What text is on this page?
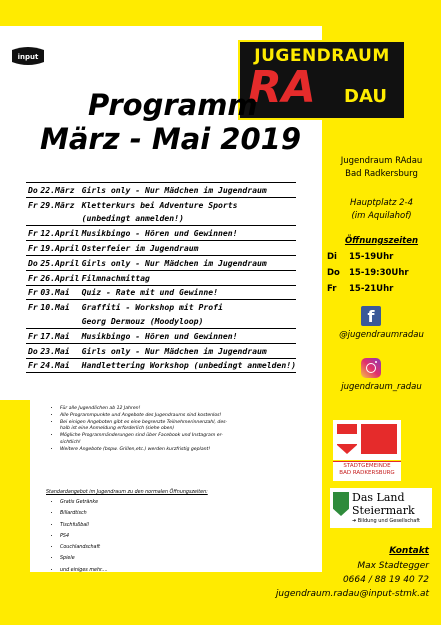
input	JUGENDRAUM
RA DAU
Programm
März - Mai 2019
Do	22.März	Girls only - Nur Mädchen im Jugendraum
Fr	29.März	Kletterkurs bei Adventure Sports
		(unbedingt anmelden!)
Fr	12.April	Musikbingo - Hören und Gewinnen!
Fr	19.April	Osterfeier im Jugendraum
Do	25.April	Girls only - Nur Mädchen im Jugendraum
Fr	26.April	Filmnachmittag
Fr	03.Mai	Quiz - Rate mit und Gewinne!
Fr	10.Mai	Graffiti - Workshop mit Profi
		Georg Dermouz (Moodyloop)
Fr	17.Mai	Musikbingo - Hören und Gewinnen!
Do	23.Mai	Girls only - Nur Mädchen im Jugendraum
Fr	24.Mai	Handlettering Workshop (unbedingt anmelden!)
Jugendraum RAdau
Bad Radkersburg
Hauptplatz 2-4
(im Aquilahof)
Öffnungszeiten
Di 15-19Uhr
Do 15-19:30Uhr
Fr 15-21Uhr
f
@jugendraumradau
jugendraum_radau
STADTGEMEINDE
BAD RADKERSBURG
Das Land
Steiermark
➜ Bildung und Gesellschaft
• Für alle Jugendlichen ab 12 Jahren!
• Alle Programmpunkte und Angebote des Jugendraums sind kostenlos!
• Bei einigen Angeboten gibt es eine begrenzte Teilnehmerinnenzahl, des-
halb ist eine Anmeldung erforderlich (siehe oben)
• Mögliche Programmänderungen sind über Facebook und Instagram er-
sichtlich!
• Weitere Angebote (bspw. Grillen,etc.) werden kurzfristig geplant!
Standardangebot im Jugendraum zu den normalen Öffnungszeiten:
• Gratis Getränke
• Billardtisch
• Tischfußball
• PS4
• Couchlandschaft
• Spiele
• und einiges mehr....
Kontakt
Max Stadtegger
0664 / 88 19 40 72
jugendraum.radau@input-stmk.at
